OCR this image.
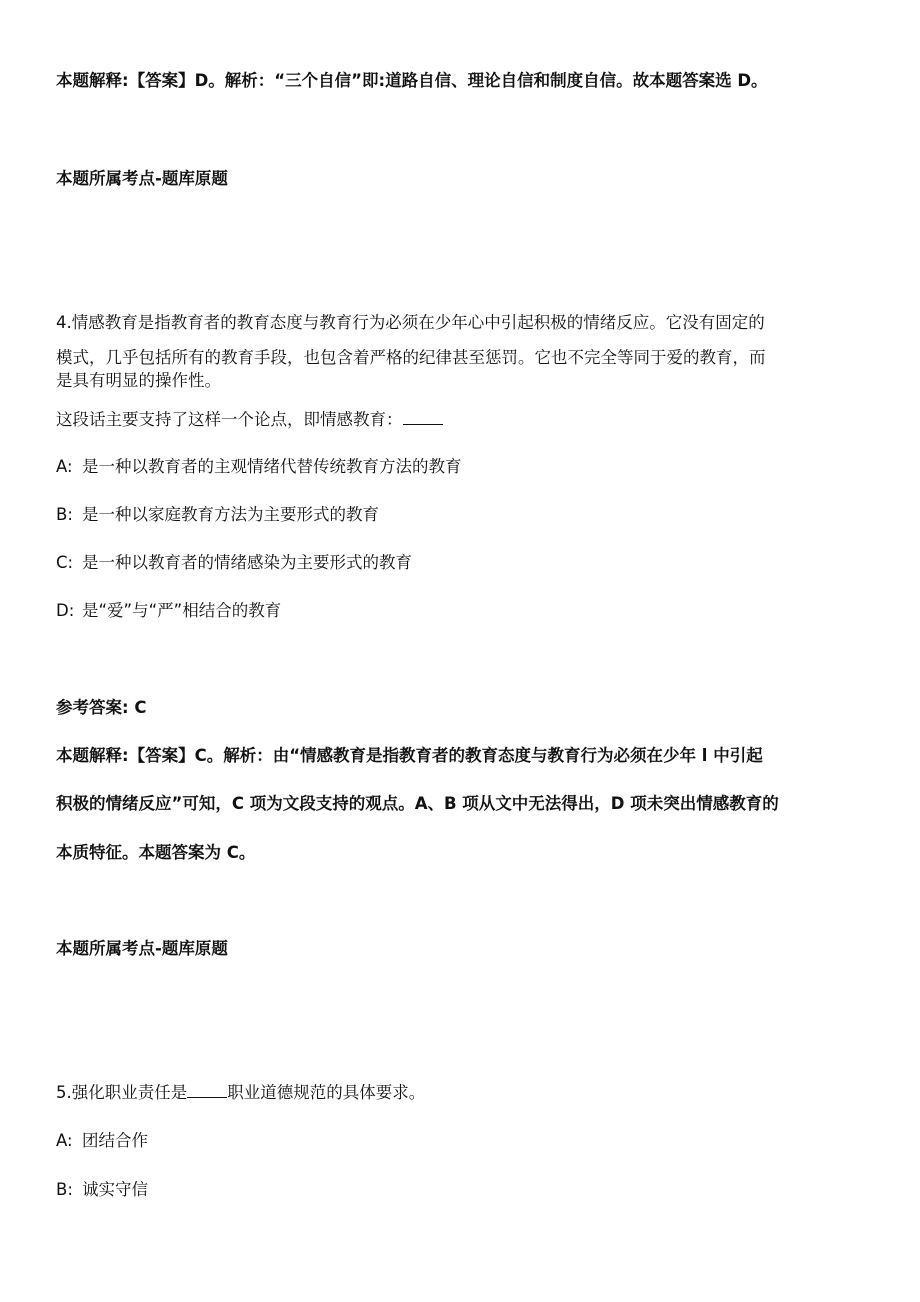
本题解释:【答案】D。解析：“三个自信”即:道路自信、理论自信和制度自信。故本题答案选 D。
本题所属考点-题库原题
4.情感教育是指教育者的教育态度与教育行为必须在少年心中引起积极的情绪反应。它没有固定的
模式，几乎包括所有的教育手段，也包含着严格的纪律甚至惩罚。它也不完全等同于爱的教育，而
是具有明显的操作性。
这段话主要支持了这样一个论点，即情感教育：
A: 是一种以教育者的主观情绪代替传统教育方法的教育
B: 是一种以家庭教育方法为主要形式的教育
C: 是一种以教育者的情绪感染为主要形式的教育
D: 是“爱”与“严”相结合的教育
参考答案: C
本题解释:【答案】C。解析：由“情感教育是指教育者的教育态度与教育行为必须在少年 l 中引起
积极的情绪反应”可知，C 项为文段支持的观点。A、B 项从文中无法得出，D 项未突出情感教育的
本质特征。本题答案为 C。
本题所属考点-题库原题
5.强化职业责任是 职业道德规范的具体要求。
A: 团结合作
B: 诚实守信
